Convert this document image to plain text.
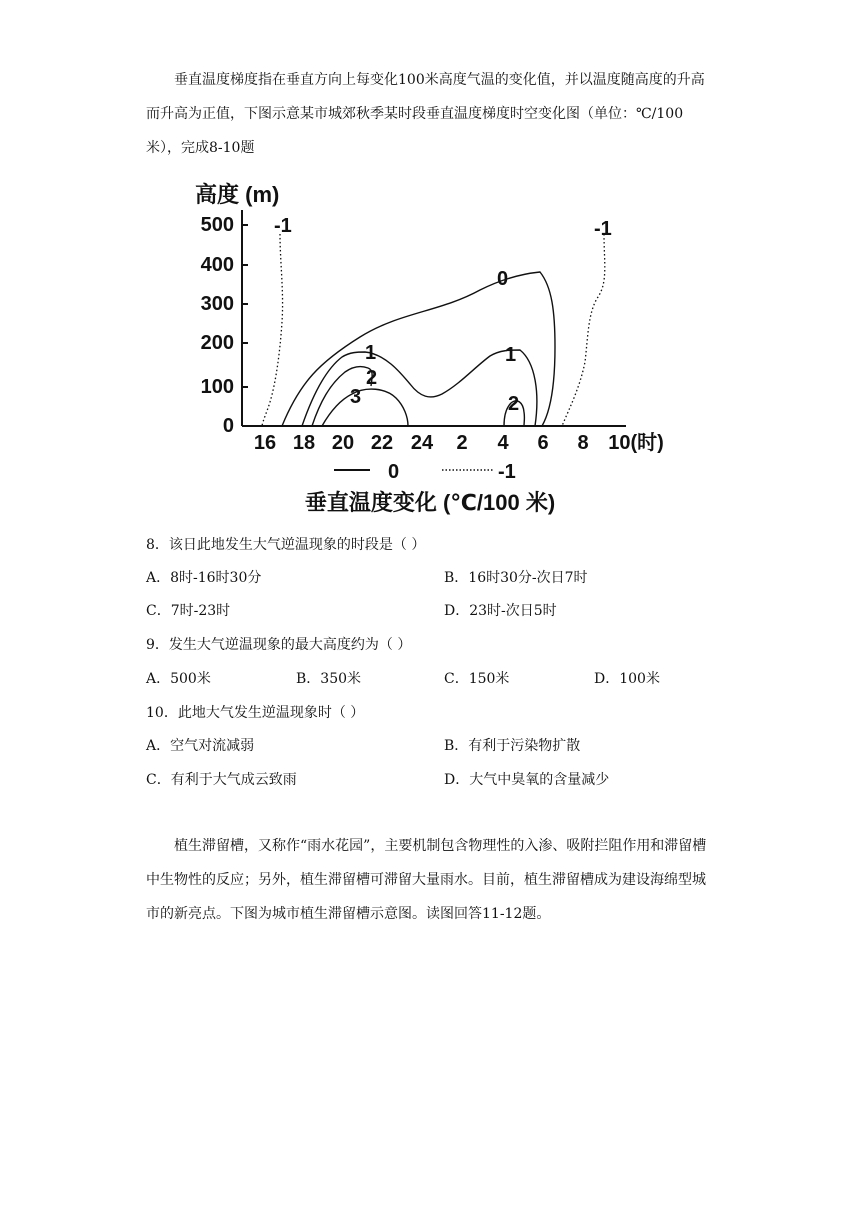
垂直温度梯度指在垂直方向上每变化100米高度气温的变化值，并以温度随高度的升高而升高为正值，下图示意某市城郊秋季某时段垂直温度梯度时空变化图（单位：℃/100米），完成8-10题
高度 (m)
500
400
300
200
100
0
16 18 20 22 24 2 4 6 8 10(时)
-1	-1
0
1	1
2
2
3
0	-1
垂直温度变化 (℃/100 米)
8．该日此地发生大气逆温现象的时段是（ ）
A．8时-16时30分	B．16时30分-次日7时
C．7时-23时	D．23时-次日5时
9．发生大气逆温现象的最大高度约为（ ）
A．500米	B．350米	C．150米	D．100米
10．此地大气发生逆温现象时（ ）
A．空气对流减弱	B．有利于污染物扩散
C．有利于大气成云致雨	D．大气中臭氧的含量减少
植生滞留槽，又称作“雨水花园”，主要机制包含物理性的入渗、吸附拦阻作用和滞留槽中生物性的反应；另外，植生滞留槽可滞留大量雨水。目前，植生滞留槽成为建设海绵型城市的新亮点。下图为城市植生滞留槽示意图。读图回答11-12题。
